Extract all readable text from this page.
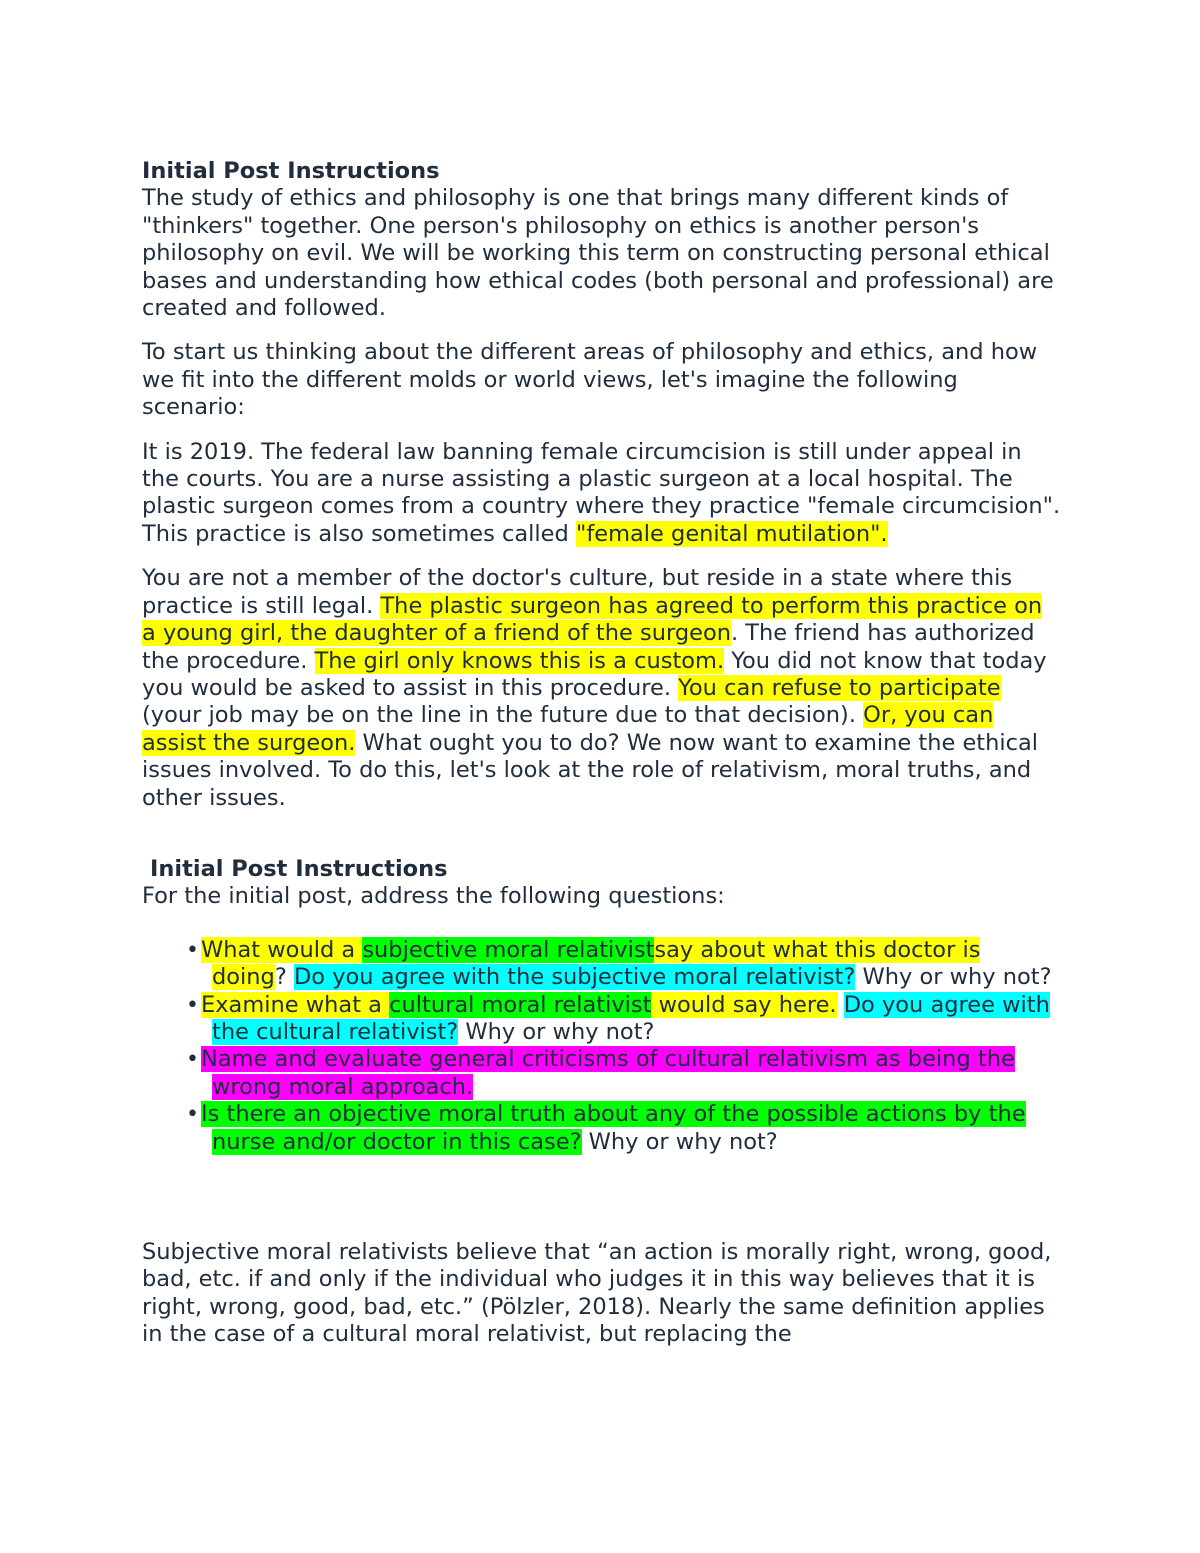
Initial Post Instructions

The study of ethics and philosophy is one that brings many different kinds of "thinkers" together. One person's philosophy on ethics is another person's philosophy on evil. We will be working this term on constructing personal ethical bases and understanding how ethical codes (both personal and professional) are created and followed.

To start us thinking about the different areas of philosophy and ethics, and how we fit into the different molds or world views, let's imagine the following scenario:

It is 2019. The federal law banning female circumcision is still under appeal in the courts. You are a nurse assisting a plastic surgeon at a local hospital. The plastic surgeon comes from a country where they practice "female circumcision". This practice is also sometimes called "female genital mutilation".

You are not a member of the doctor's culture, but reside in a state where this practice is still legal. The plastic surgeon has agreed to perform this practice on a young girl, the daughter of a friend of the surgeon. The friend has authorized the procedure. The girl only knows this is a custom. You did not know that today you would be asked to assist in this procedure. You can refuse to participate (your job may be on the line in the future due to that decision). Or, you can assist the surgeon. What ought you to do? We now want to examine the ethical issues involved. To do this, let's look at the role of relativism, moral truths, and other issues.

Initial Post Instructions

For the initial post, address the following questions:

• What would a subjective moral relativistsay about what this doctor is doing? Do you agree with the subjective moral relativist? Why or why not?
• Examine what a cultural moral relativist would say here. Do you agree with the cultural relativist? Why or why not?
• Name and evaluate general criticisms of cultural relativism as being the wrong moral approach.
• Is there an objective moral truth about any of the possible actions by the nurse and/or doctor in this case? Why or why not?

Subjective moral relativists believe that “an action is morally right, wrong, good, bad, etc. if and only if the individual who judges it in this way believes that it is right, wrong, good, bad, etc.” (Pölzler, 2018). Nearly the same definition applies in the case of a cultural moral relativist, but replacing the
